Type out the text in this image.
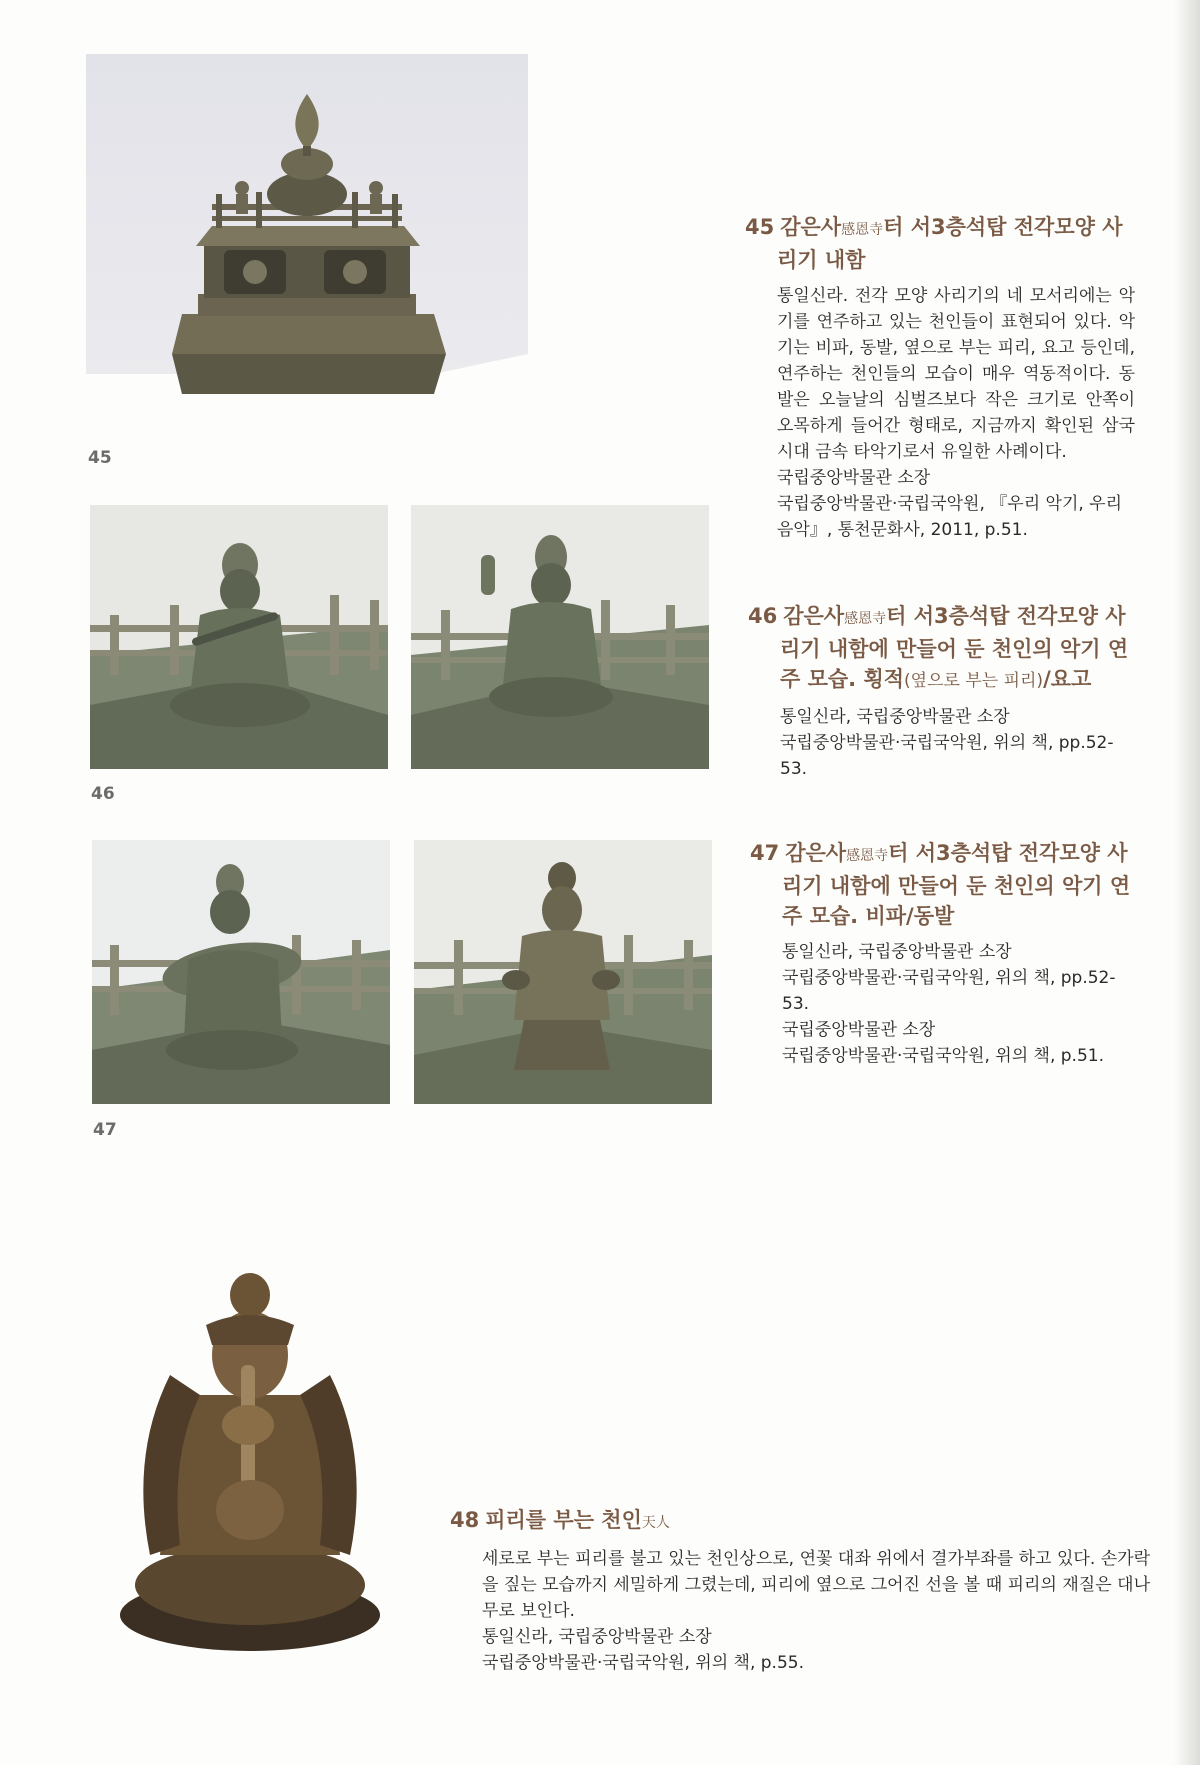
45
46
47
45 감은사感恩寺터 서3층석탑 전각모양 사리기 내함

통일신라. 전각 모양 사리기의 네 모서리에는 악기를 연주하고 있는 천인들이 표현되어 있다. 악기는 비파, 동발, 옆으로 부는 피리, 요고 등인데, 연주하는 천인들의 모습이 매우 역동적이다. 동발은 오늘날의 심벌즈보다 작은 크기로 안쪽이 오목하게 들어간 형태로, 지금까지 확인된 삼국시대 금속 타악기로서 유일한 사례이다.

국립중앙박물관 소장

국립중앙박물관·국립국악원, 『우리 악기, 우리 음악』, 통천문화사, 2011, p.51.

46 감은사感恩寺터 서3층석탑 전각모양 사리기 내함에 만들어 둔 천인의 악기 연주 모습. 횡적(옆으로 부는 피리)/요고

통일신라, 국립중앙박물관 소장

국립중앙박물관·국립국악원, 위의 책, pp.52-53.

47 감은사感恩寺터 서3층석탑 전각모양 사리기 내함에 만들어 둔 천인의 악기 연주 모습. 비파/동발

통일신라, 국립중앙박물관 소장

국립중앙박물관·국립국악원, 위의 책, pp.52-53.

국립중앙박물관 소장

국립중앙박물관·국립국악원, 위의 책, p.51.

48 피리를 부는 천인天人

세로로 부는 피리를 불고 있는 천인상으로, 연꽃 대좌 위에서 결가부좌를 하고 있다. 손가락을 짚는 모습까지 세밀하게 그렸는데, 피리에 옆으로 그어진 선을 볼 때 피리의 재질은 대나무로 보인다.

통일신라, 국립중앙박물관 소장

국립중앙박물관·국립국악원, 위의 책, p.55.
